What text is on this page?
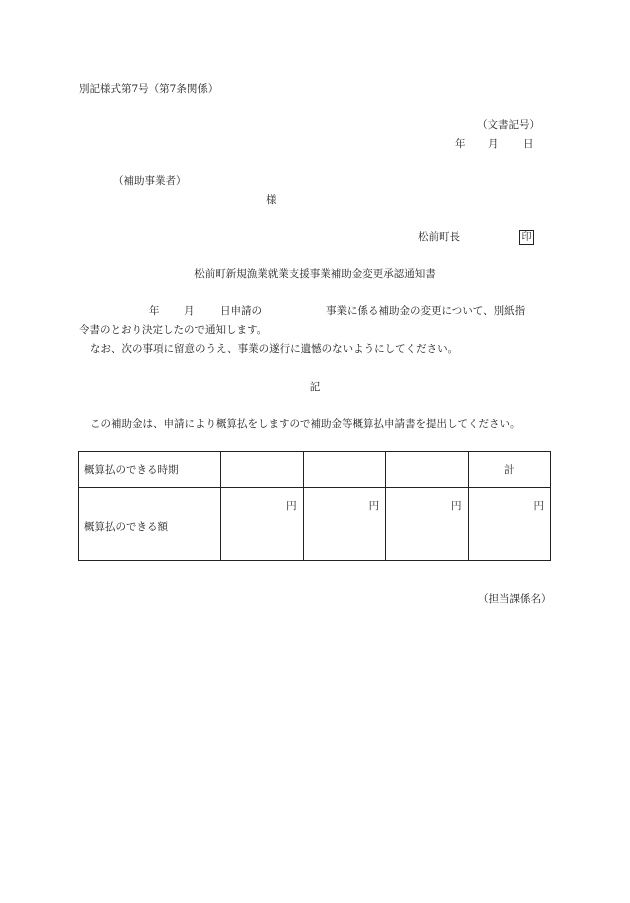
別記様式第7号（第7条関係）
（文書記号）
年 月 日
（補助事業者）
様
松前町長	印
松前町新規漁業就業支援事業補助金変更承認通知書
年 月 日申請の	事業に係る補助金の変更について、別紙指
令書のとおり決定したので通知します。
なお、次の事項に留意のうえ、事業の遂行に遺憾のないようにしてください。
記
この補助金は、申請により概算払をしますので補助金等概算払申請書を提出してください。
概算払のできる時期				計
概算払のできる額	円	円	円	円
（担当課係名）
